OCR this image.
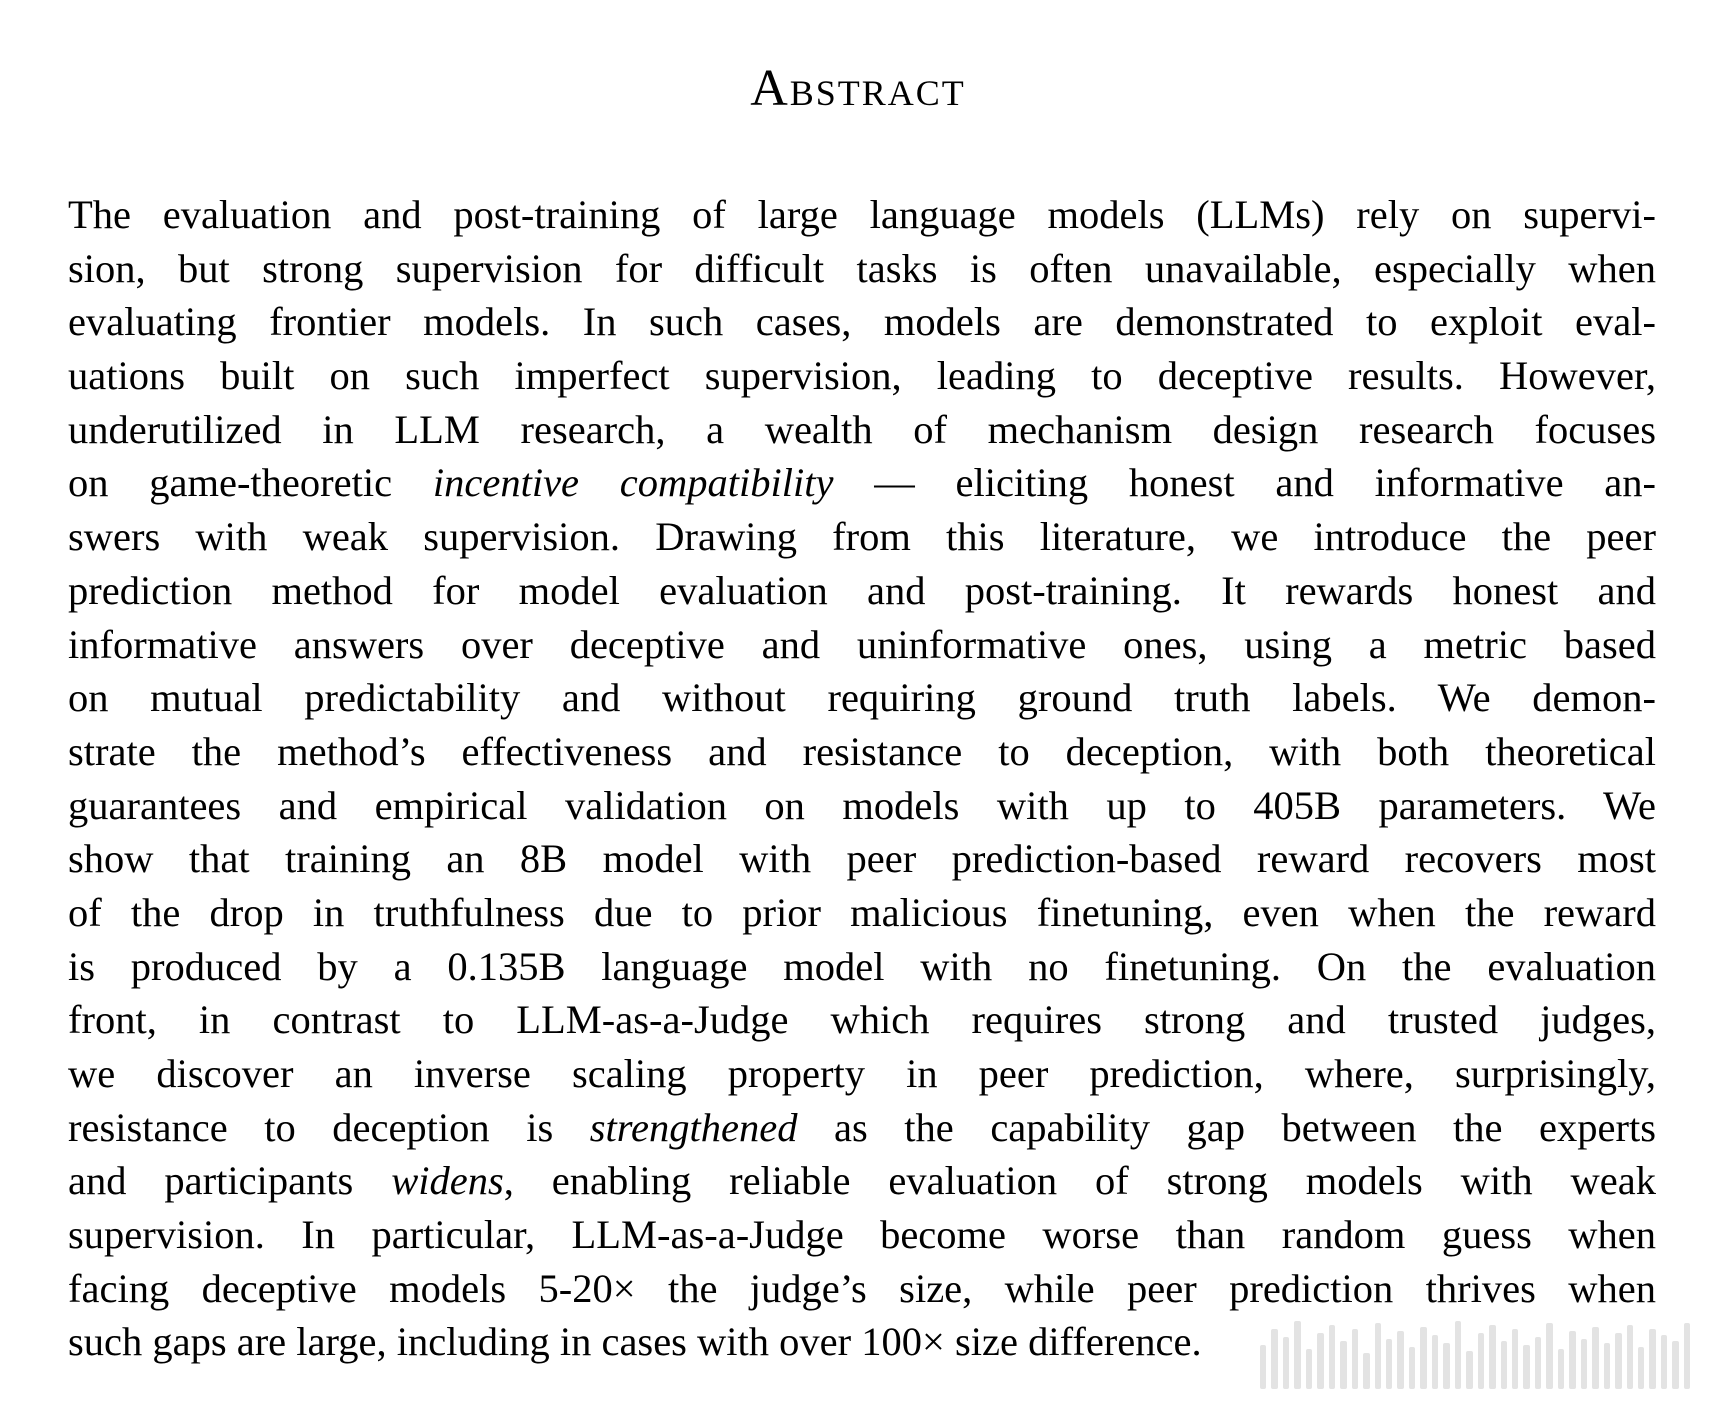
Abstract
The evaluation and post-training of large language models (LLMs) rely on supervi-
sion, but strong supervision for difficult tasks is often unavailable, especially when
evaluating frontier models. In such cases, models are demonstrated to exploit eval-
uations built on such imperfect supervision, leading to deceptive results. However,
underutilized in LLM research, a wealth of mechanism design research focuses
on game-theoretic incentive compatibility — eliciting honest and informative an-
swers with weak supervision. Drawing from this literature, we introduce the peer
prediction method for model evaluation and post-training. It rewards honest and
informative answers over deceptive and uninformative ones, using a metric based
on mutual predictability and without requiring ground truth labels. We demon-
strate the method’s effectiveness and resistance to deception, with both theoretical
guarantees and empirical validation on models with up to 405B parameters. We
show that training an 8B model with peer prediction-based reward recovers most
of the drop in truthfulness due to prior malicious finetuning, even when the reward
is produced by a 0.135B language model with no finetuning. On the evaluation
front, in contrast to LLM-as-a-Judge which requires strong and trusted judges,
we discover an inverse scaling property in peer prediction, where, surprisingly,
resistance to deception is strengthened as the capability gap between the experts
and participants widens, enabling reliable evaluation of strong models with weak
supervision. In particular, LLM-as-a-Judge become worse than random guess when
facing deceptive models 5-20× the judge’s size, while peer prediction thrives when
such gaps are large, including in cases with over 100× size difference.
